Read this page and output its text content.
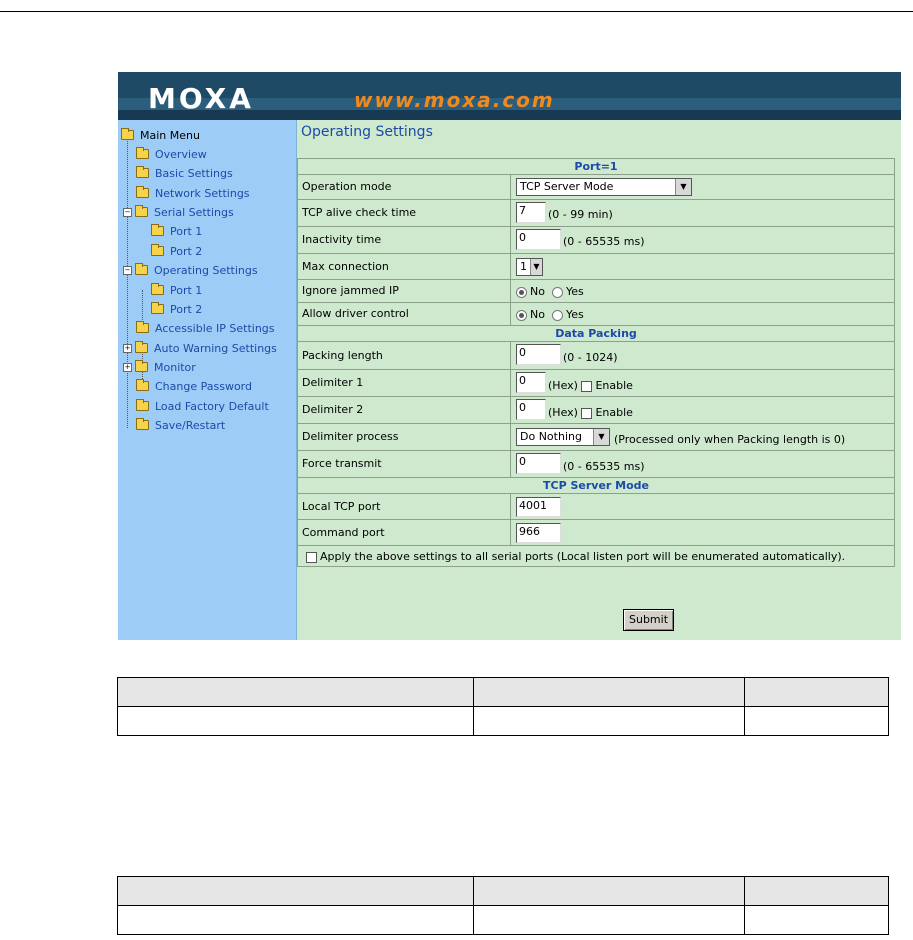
MOXA	www.moxa.com
Main Menu
Overview
Basic Settings
Network Settings
− Serial Settings
Port 1
Port 2
− Operating Settings
Port 1
Port 2
Accessible IP Settings
+ Auto Warning Settings
+ Monitor
Change Password
Load Factory Default
Save/Restart
Operating Settings
Port=1
Operation mode	TCP Server Mode	▼
TCP alive check time	7	(0 - 99 min)
Inactivity time	0	(0 - 65535 ms)
Max connection	1 ▼
Ignore jammed IP	No Yes
Allow driver control	No Yes
Data Packing
Packing length	0	(0 - 1024)
Delimiter 1	0	(Hex) Enable
Delimiter 2	0	(Hex) Enable
Delimiter process	Do Nothing	▼ (Processed only when Packing length is 0)
Force transmit	0	(0 - 65535 ms)
TCP Server Mode
Local TCP port	4001
Command port	966
Apply the above settings to all serial ports (Local listen port will be enumerated automatically).
Submit
